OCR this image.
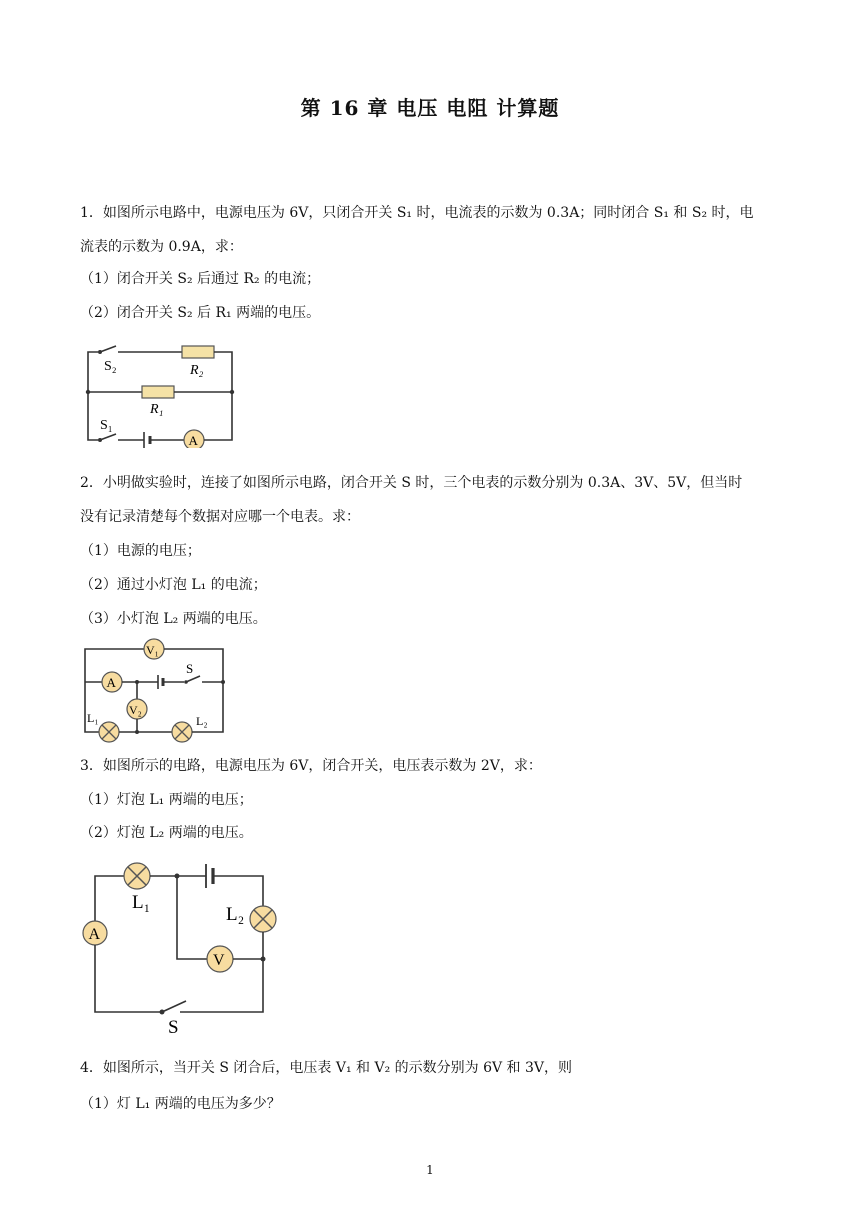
第 16 章 电压 电阻 计算题
1．如图所示电路中，电源电压为 6V，只闭合开关 S₁ 时，电流表的示数为 0.3A；同时闭合 S₁ 和 S₂ 时，电
流表的示数为 0.9A，求：
（1）闭合开关 S₂ 后通过 R₂ 的电流；
（2）闭合开关 S₂ 后 R₁ 两端的电压。
S₂	R₂
R₁
A
S₁
2．小明做实验时，连接了如图所示电路，闭合开关 S 时，三个电表的示数分别为 0.3A、3V、5V，但当时
没有记录清楚每个数据对应哪一个电表。求：
（1）电源的电压；
（2）通过小灯泡 L₁ 的电流；
（3）小灯泡 L₂ 两端的电压。
V₁
A
S
V₂
L₁	L₂
3．如图所示的电路，电源电压为 6V，闭合开关，电压表示数为 2V，求：
（1）灯泡 L₁ 两端的电压；
（2）灯泡 L₂ 两端的电压。
L₁
L₂
V
A
S
4．如图所示，当开关 S 闭合后，电压表 V₁ 和 V₂ 的示数分别为 6V 和 3V，则
（1）灯 L₁ 两端的电压为多少？
1
